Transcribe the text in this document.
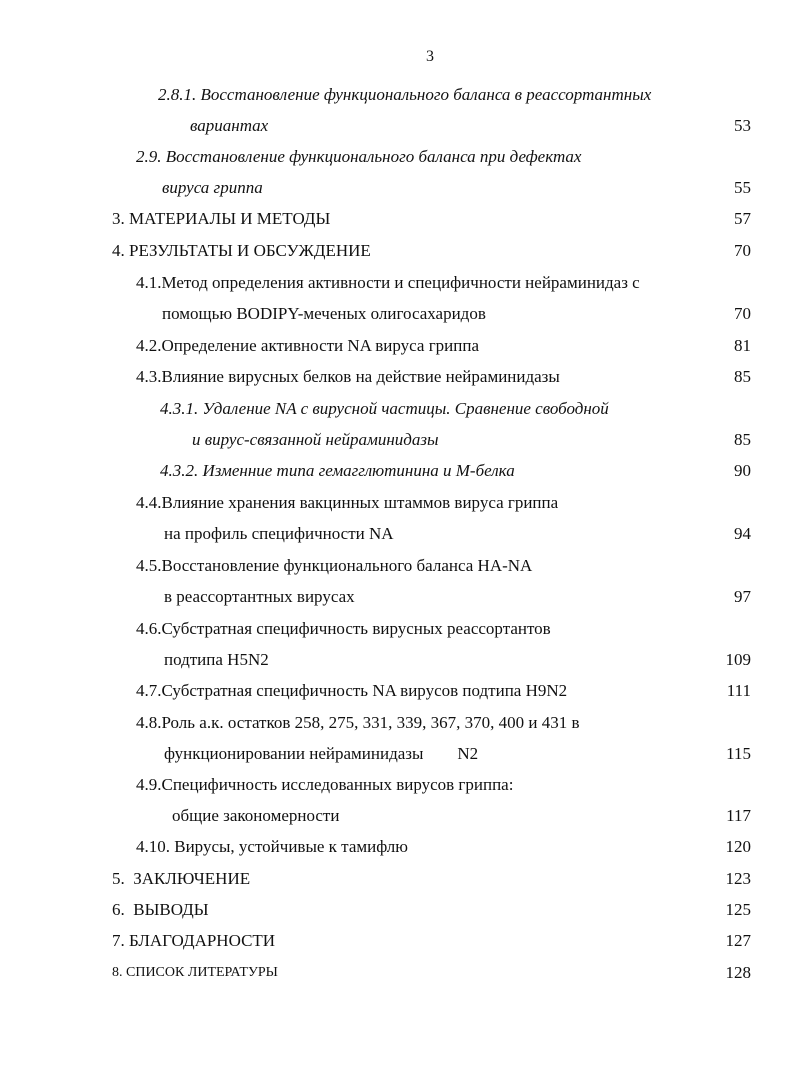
3
2.8.1. Восстановление функционального баланса в реассортантных
вариантах	53
2.9. Восстановление функционального баланса при дефектах
вируса гриппа	55
3. МАТЕРИАЛЫ И МЕТОДЫ	57
4. РЕЗУЛЬТАТЫ И ОБСУЖДЕНИЕ	70
4.1.Метод определения активности и специфичности нейраминидаз с
помощью BODIPY-меченых олигосахаридов	70
4.2.Определение активности NA вируса гриппа	81
4.3.Влияние вирусных белков на действие нейраминидазы	85
4.3.1. Удаление NA с вирусной частицы. Сравнение свободной
и вирус-связанной нейраминидазы	85
4.3.2. Изменние типа гемагглютинина и М-белка	90
4.4.Влияние хранения вакцинных штаммов вируса гриппа
на профиль специфичности NA	94
4.5.Восстановление функционального баланса HA-NA
в реассортантных вирусах	97
4.6.Субстратная специфичность вирусных реассортантов
подтипа H5N2	109
4.7.Субстратная специфичность NA вирусов подтипа H9N2	111
4.8.Роль а.к. остатков 258, 275, 331, 339, 367, 370, 400 и 431 в
функционировании нейраминидазы        N2	115
4.9.Специфичность исследованных вирусов гриппа:
общие закономерности	117
4.10. Вирусы, устойчивые к тамифлю	120
5.  ЗАКЛЮЧЕНИЕ	123
6.  ВЫВОДЫ	125
7. БЛАГОДАРНОСТИ	127
8. СПИСОК ЛИТЕРАТУРЫ	128
